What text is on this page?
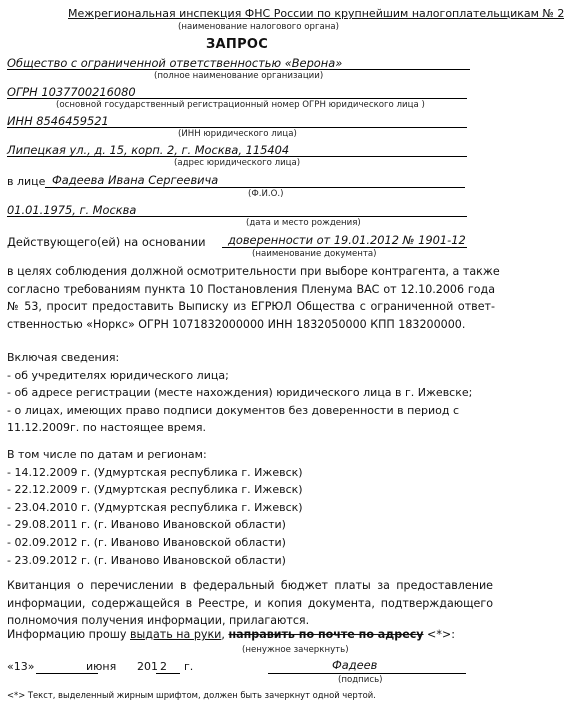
Межрегиональная инспекция ФНС России по крупнейшим налогоплательщикам № 2
(наименование налогового органа)
ЗАПРОС
Общество с ограниченной ответственностью «Верона»
(полное наименование организации)
ОГРН 1037700216080
(основной государственный регистрационный номер ОГРН юридического лица )
ИНН 8546459521
(ИНН юридического лица)
Липецкая ул., д. 15, корп. 2, г. Москва, 115404
(адрес юридического лица)
в лице Фадеева Ивана Сергеевича
(Ф.И.О.)
01.01.1975, г. Москва
(дата и место рождения)
Действующего(ей) на основании доверенности от 19.01.2012 № 1901-12
(наименование документа)
в целях соблюдения должной осмотрительности при выборе контрагента, а также
согласно требованиям пункта 10 Постановления Пленума ВАС от 12.10.2006 года
№ 53, просит предоставить Выписку из ЕГРЮЛ Общества с ограниченной ответ-
ственностью «Норкс» ОГРН 1071832000000 ИНН 1832050000 КПП 183200000.
Включая сведения:
- об учредителях юридического лица;
- об адресе регистрации (месте нахождения) юридического лица в г. Ижевске;
- о лицах, имеющих право подписи документов без доверенности в период с
11.12.2009г. по настоящее время.
В том числе по датам и регионам:
- 14.12.2009 г. (Удмуртская республика г. Ижевск)
- 22.12.2009 г. (Удмуртская республика г. Ижевск)
- 23.04.2010 г. (Удмуртская республика г. Ижевск)
- 29.08.2011 г. (г. Иваново Ивановской области)
- 02.09.2012 г. (г. Иваново Ивановской области)
- 23.09.2012 г. (г. Иваново Ивановской области)
Квитанция о перечислении в федеральный бюджет платы за предоставление
информации, содержащейся в Реестре, и копия документа, подтверждающего
полномочия получения информации, прилагаются.
Информацию прошу выдать на руки, направить по почте по адресу <*>:
(ненужное зачеркнуть)
«13»	июня 201 2 г.	Фадеев
(подпись)
<*> Текст, выделенный жирным шрифтом, должен быть зачеркнут одной чертой.
